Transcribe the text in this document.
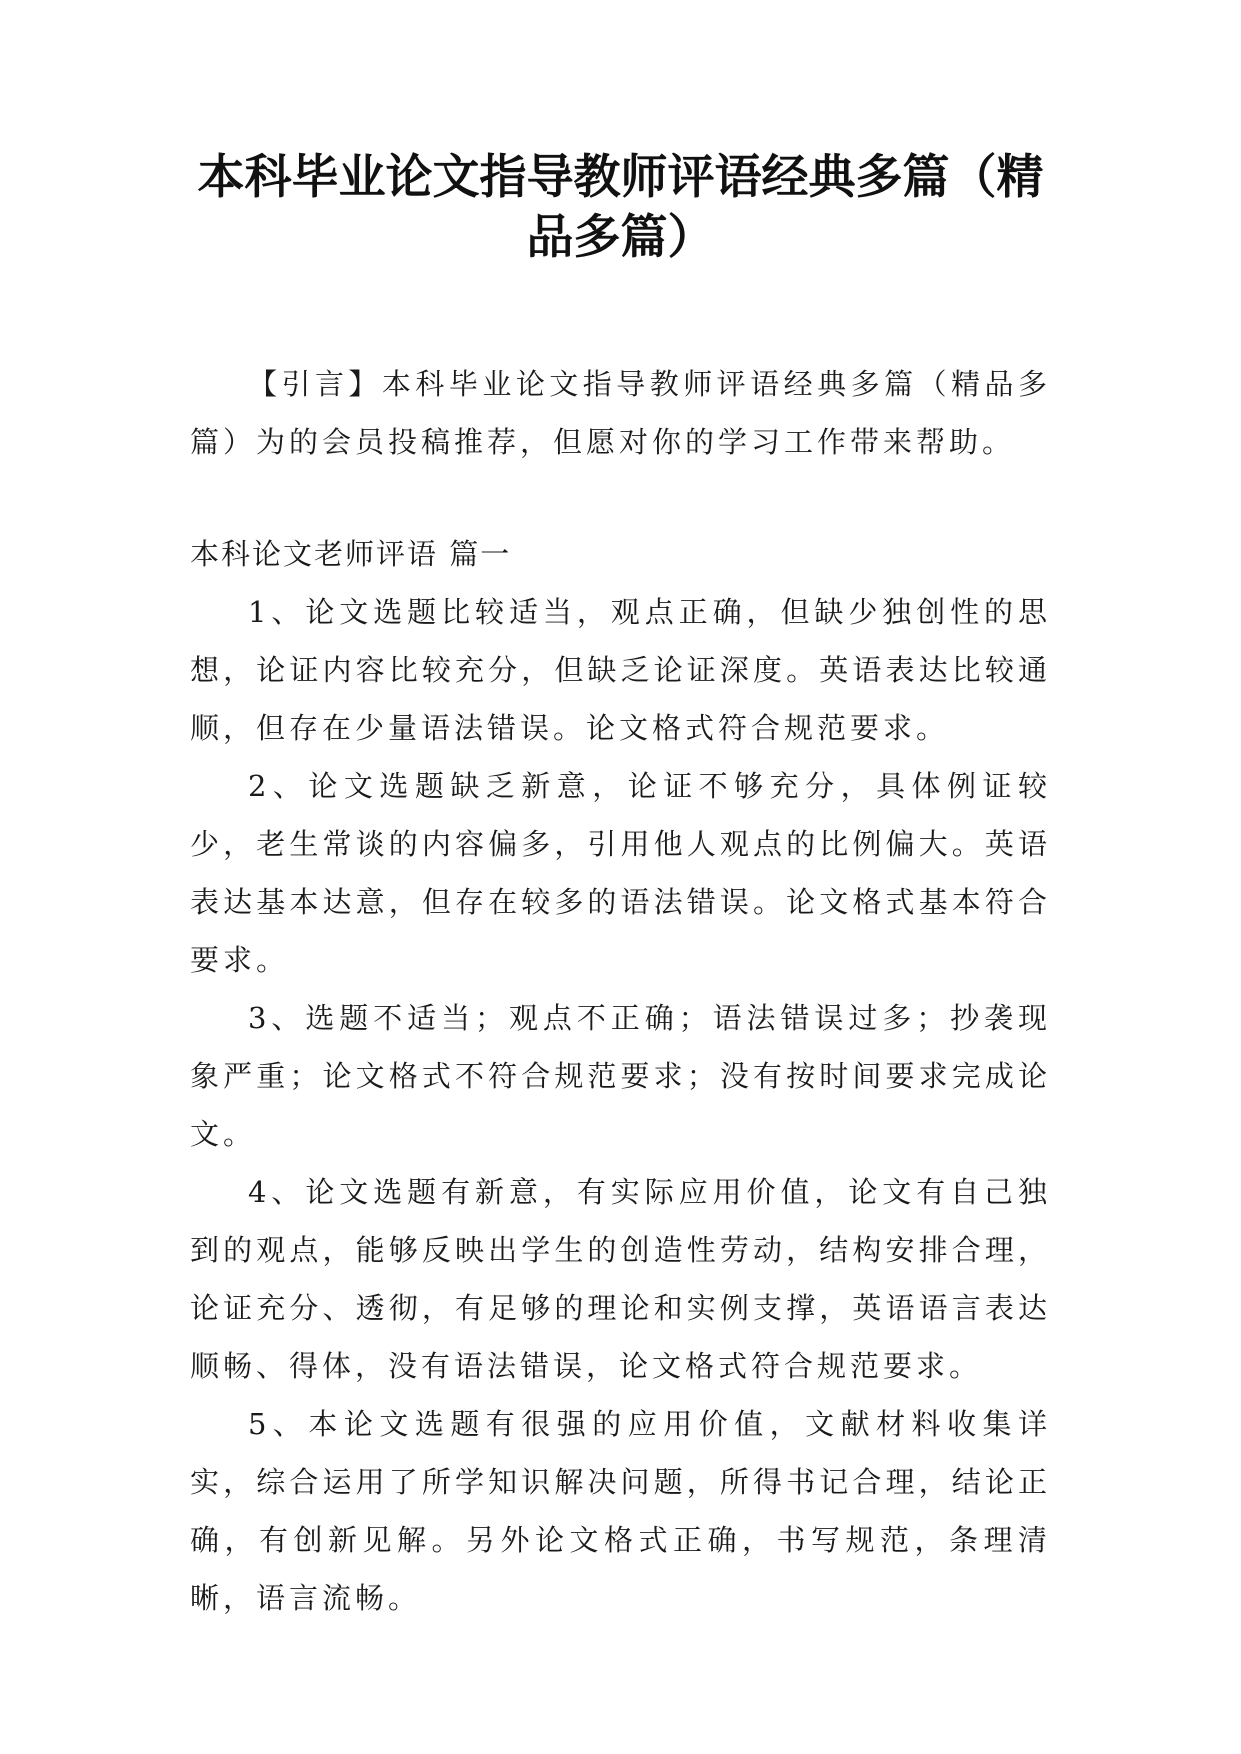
本科毕业论文指导教师评语经典多篇（精品多篇）

【引言】本科毕业论文指导教师评语经典多篇（精品多篇）为的会员投稿推荐，但愿对你的学习工作带来帮助。

本科论文老师评语 篇一

1、论文选题比较适当，观点正确，但缺少独创性的思想，论证内容比较充分，但缺乏论证深度。英语表达比较通顺，但存在少量语法错误。论文格式符合规范要求。

2、论文选题缺乏新意，论证不够充分，具体例证较少，老生常谈的内容偏多，引用他人观点的比例偏大。英语表达基本达意，但存在较多的语法错误。论文格式基本符合要求。

3、选题不适当；观点不正确；语法错误过多；抄袭现象严重；论文格式不符合规范要求；没有按时间要求完成论文。

4、论文选题有新意，有实际应用价值，论文有自己独到的观点，能够反映出学生的创造性劳动，结构安排合理，论证充分、透彻，有足够的理论和实例支撑，英语语言表达顺畅、得体，没有语法错误，论文格式符合规范要求。

5、本论文选题有很强的应用价值，文献材料收集详实，综合运用了所学知识解决问题，所得书记合理，结论正确，有创新见解。另外论文格式正确，书写规范，条理清晰，语言流畅。
